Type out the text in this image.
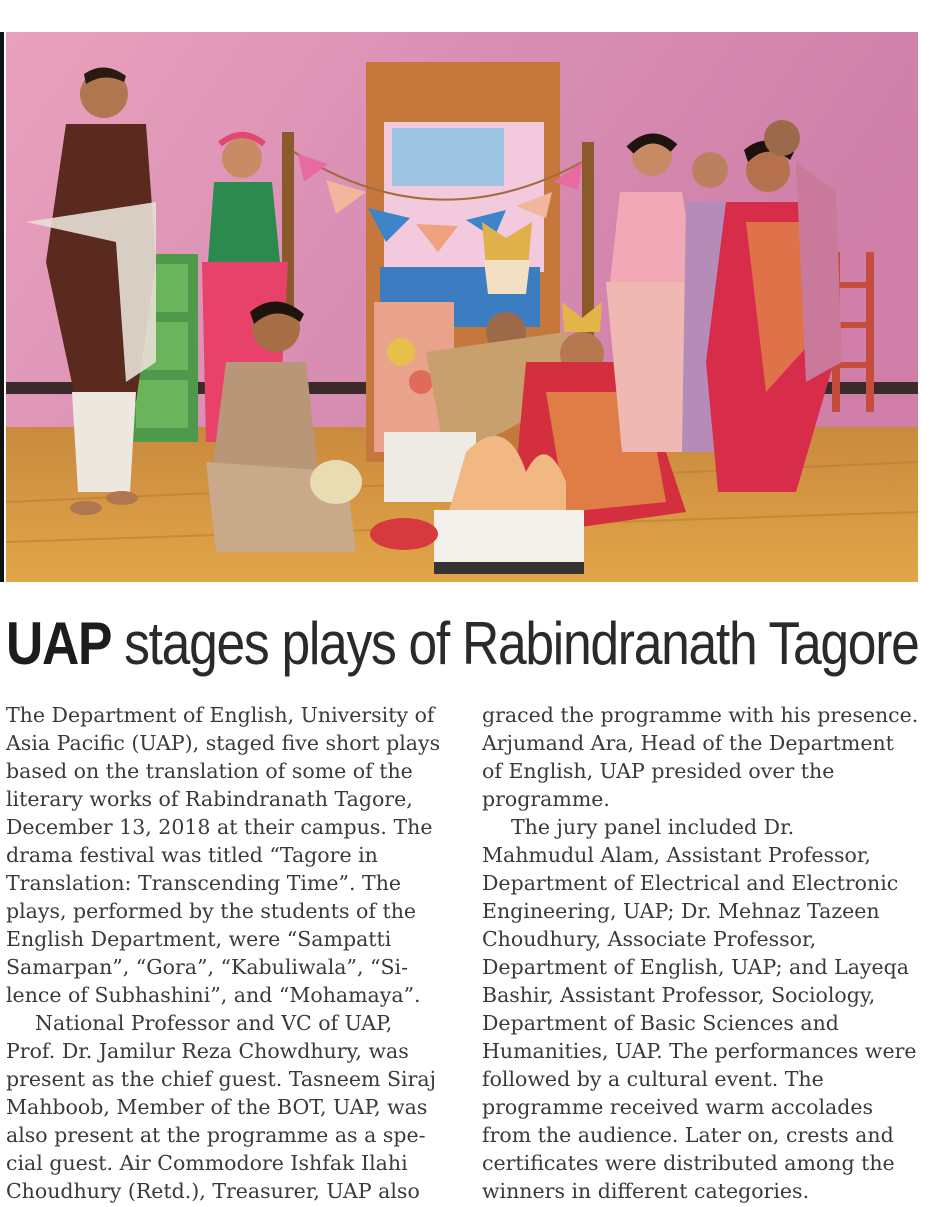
UAP stages plays of Rabindranath Tagore
The Department of English, University of
Asia Pacific (UAP), staged five short plays
based on the translation of some of the
literary works of Rabindranath Tagore,
December 13, 2018 at their campus. The
drama festival was titled “Tagore in
Translation: Transcending Time”. The
plays, performed by the students of the
English Department, were “Sampatti
Samarpan”, “Gora”, “Kabuliwala”, “Si-
lence of Subhashini”, and “Mohamaya”.
National Professor and VC of UAP,
Prof. Dr. Jamilur Reza Chowdhury, was
present as the chief guest. Tasneem Siraj
Mahboob, Member of the BOT, UAP, was
also present at the programme as a spe-
cial guest. Air Commodore Ishfak Ilahi
Choudhury (Retd.), Treasurer, UAP also
graced the programme with his presence.
Arjumand Ara, Head of the Department
of English, UAP presided over the
programme.
The jury panel included Dr.
Mahmudul Alam, Assistant Professor,
Department of Electrical and Electronic
Engineering, UAP; Dr. Mehnaz Tazeen
Choudhury, Associate Professor,
Department of English, UAP; and Layeqa
Bashir, Assistant Professor, Sociology,
Department of Basic Sciences and
Humanities, UAP. The performances were
followed by a cultural event. The
programme received warm accolades
from the audience. Later on, crests and
certificates were distributed among the
winners in different categories.
